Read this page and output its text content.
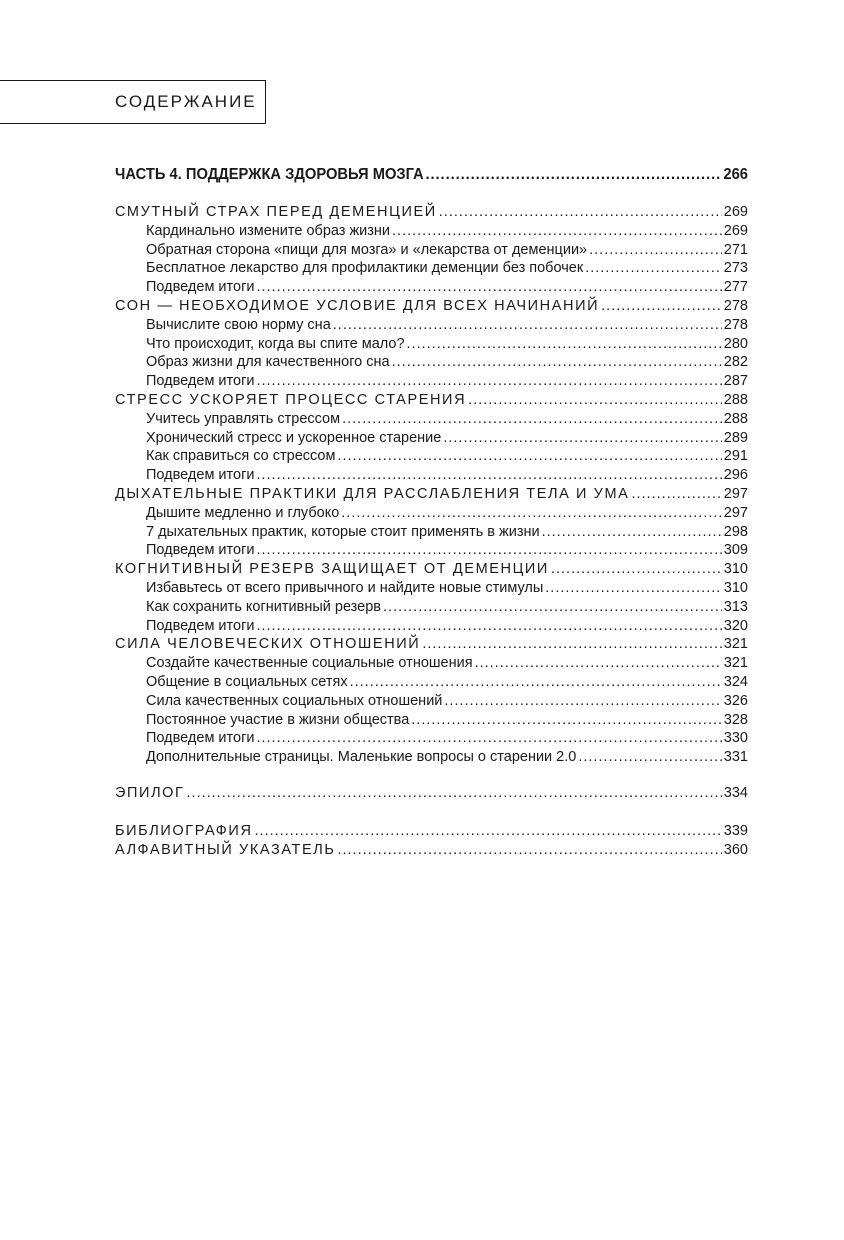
СОДЕРЖАНИЕ
ЧАСТЬ 4. ПОДДЕРЖКА ЗДОРОВЬЯ МОЗГА .....	266
СМУТНЫЙ СТРАХ ПЕРЕД ДЕМЕНЦИЕЙ .....	269
Кардинально измените образ жизни .....	269
Обратная сторона «пищи для мозга» и «лекарства от деменции» .....	271
Бесплатное лекарство для профилактики деменции без побочек .....	273
Подведем итоги .....	277
СОН — НЕОБХОДИМОЕ УСЛОВИЕ ДЛЯ ВСЕХ НАЧИНАНИЙ .....	278
Вычислите свою норму сна .....	278
Что происходит, когда вы спите мало? .....	280
Образ жизни для качественного сна .....	282
Подведем итоги .....	287
СТРЕСС УСКОРЯЕТ ПРОЦЕСС СТАРЕНИЯ .....	288
Учитесь управлять стрессом .....	288
Хронический стресс и ускоренное старение .....	289
Как справиться со стрессом .....	291
Подведем итоги .....	296
ДЫХАТЕЛЬНЫЕ ПРАКТИКИ ДЛЯ РАССЛАБЛЕНИЯ ТЕЛА И УМА .....	297
Дышите медленно и глубоко .....	297
7 дыхательных практик, которые стоит применять в жизни .....	298
Подведем итоги .....	309
КОГНИТИВНЫЙ РЕЗЕРВ ЗАЩИЩАЕТ ОТ ДЕМЕНЦИИ .....	310
Избавьтесь от всего привычного и найдите новые стимулы .....	310
Как сохранить когнитивный резерв .....	313
Подведем итоги .....	320
СИЛА ЧЕЛОВЕЧЕСКИХ ОТНОШЕНИЙ .....	321
Создайте качественные социальные отношения .....	321
Общение в социальных сетях .....	324
Сила качественных социальных отношений .....	326
Постоянное участие в жизни общества .....	328
Подведем итоги .....	330
Дополнительные страницы. Маленькие вопросы о старении 2.0 .....	331
ЭПИЛОГ .....	334
БИБЛИОГРАФИЯ .....	339
АЛФАВИТНЫЙ УКАЗАТЕЛЬ .....	360
